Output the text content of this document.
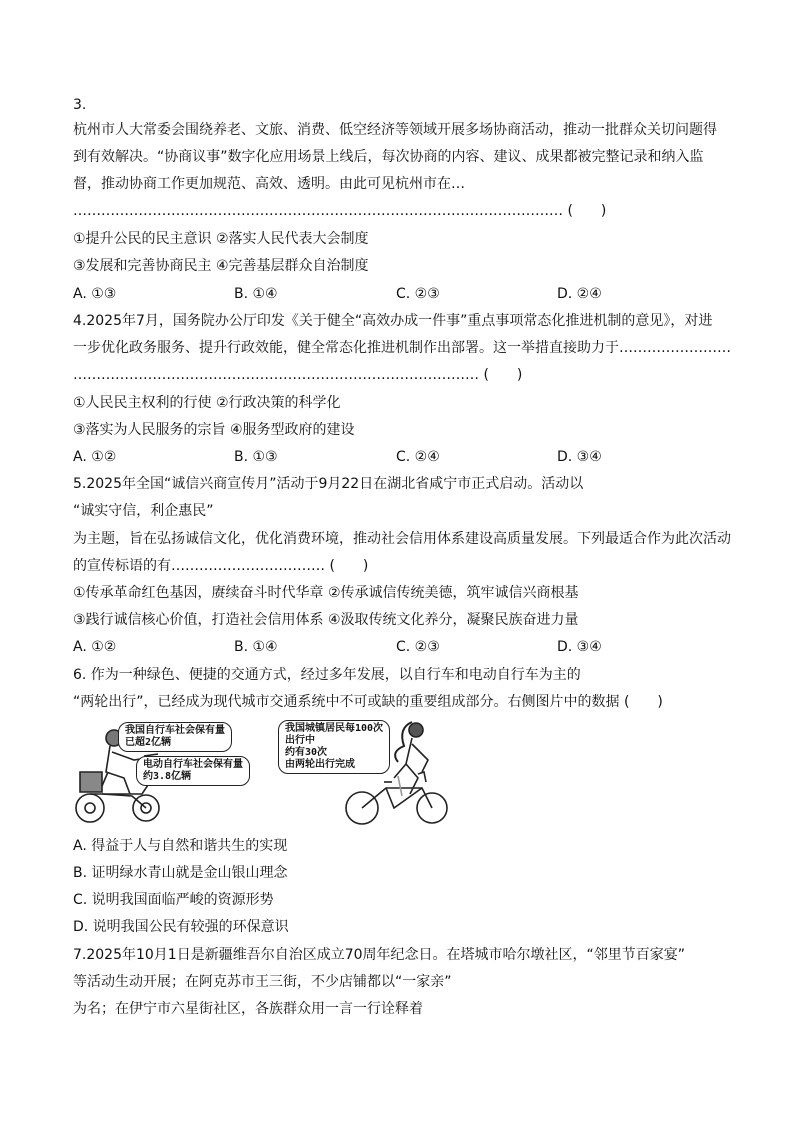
3.
杭州市人大常委会围绕养老、文旅、消费、低空经济等领域开展多场协商活动，推动一批群众关切问题得
到有效解决。“协商议事”数字化应用场景上线后，每次协商的内容、建议、成果都被完整记录和纳入监
督，推动协商工作更加规范、高效、透明。由此可见杭州市在…
…………………………………………………………………………………………… (　　)
①提升公民的民主意识 ②落实人民代表大会制度
③发展和完善协商民主 ④完善基层群众自治制度
A. ①③	B. ①④	C. ②③	D. ②④
4.2025年7月，国务院办公厅印发《关于健全“高效办成一件事”重点事项常态化推进机制的意见》，对进
一步优化政务服务、提升行政效能，健全常态化推进机制作出部署。这一举措直接助力于……………………
…………………………………………………………………………… (　　)
①人民民主权利的行使 ②行政决策的科学化
③落实为人民服务的宗旨 ④服务型政府的建设
A. ①②	B. ①③	C. ②④	D. ③④
5.2025年全国“诚信兴商宣传月”活动于9月22日在湖北省咸宁市正式启动。活动以
“诚实守信，利企惠民”
为主题，旨在弘扬诚信文化，优化消费环境，推动社会信用体系建设高质量发展。下列最适合作为此次活动
的宣传标语的有…………………………… (　　)
①传承革命红色基因，赓续奋斗时代华章 ②传承诚信传统美德，筑牢诚信兴商根基
③践行诚信核心价值，打造社会信用体系 ④汲取传统文化养分，凝聚民族奋进力量
A. ①②	B. ①④	C. ②③	D. ③④
6. 作为一种绿色、便捷的交通方式，经过多年发展，以自行车和电动自行车为主的
“两轮出行”，已经成为现代城市交通系统中不可或缺的重要组成部分。右侧图片中的数据 (　　)
我国自行车社会保有量
已超2亿辆
电动自行车社会保有量
约3.8亿辆
我国城镇居民每100次
出行中
约有30次
由两轮出行完成
A. 得益于人与自然和谐共生的实现
B. 证明绿水青山就是金山银山理念
C. 说明我国面临严峻的资源形势
D. 说明我国公民有较强的环保意识
7.2025年10月1日是新疆维吾尔自治区成立70周年纪念日。在塔城市哈尔墩社区，“邻里节百家宴”
等活动生动开展；在阿克苏市王三街，不少店铺都以“一家亲”
为名；在伊宁市六星街社区，各族群众用一言一行诠释着
